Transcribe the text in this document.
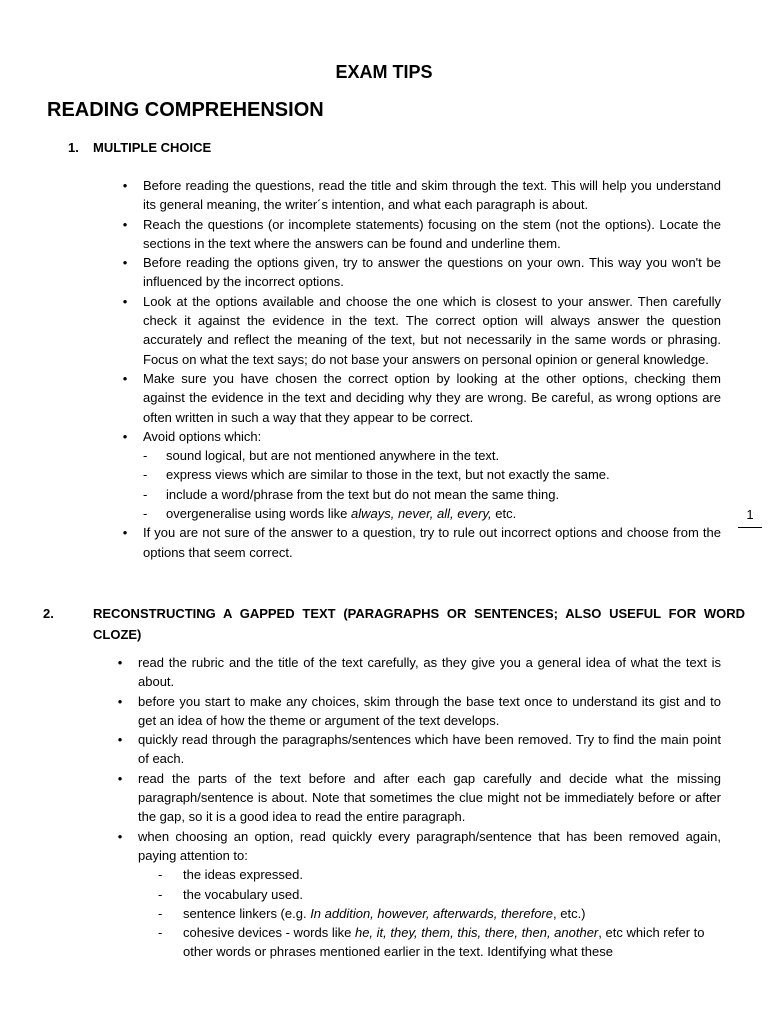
EXAM TIPS
READING COMPREHENSION
1. MULTIPLE CHOICE
• Before reading the questions, read the title and skim through the text. This will help you understand its general meaning, the writer´s intention, and what each paragraph is about.
• Reach the questions (or incomplete statements) focusing on the stem (not the options). Locate the sections in the text where the answers can be found and underline them.
• Before reading the options given, try to answer the questions on your own. This way you won't be influenced by the incorrect options.
• Look at the options available and choose the one which is closest to your answer. Then carefully check it against the evidence in the text. The correct option will always answer the question accurately and reflect the meaning of the text, but not necessarily in the same words or phrasing. Focus on what the text says; do not base your answers on personal opinion or general knowledge.
• Make sure you have chosen the correct option by looking at the other options, checking them against the evidence in the text and deciding why they are wrong. Be careful, as wrong options are often written in such a way that they appear to be correct.
• Avoid options which:
- sound logical, but are not mentioned anywhere in the text.
- express views which are similar to those in the text, but not exactly the same.
- include a word/phrase from the text but do not mean the same thing.
- overgeneralise using words like always, never, all, every, etc.
• If you are not sure of the answer to a question, try to rule out incorrect options and choose from the options that seem correct.
1
2.	RECONSTRUCTING A GAPPED TEXT (PARAGRAPHS OR SENTENCES; ALSO USEFUL FOR WORD CLOZE)
• read the rubric and the title of the text carefully, as they give you a general idea of what the text is about.
• before you start to make any choices, skim through the base text once to understand its gist and to get an idea of how the theme or argument of the text develops.
• quickly read through the paragraphs/sentences which have been removed. Try to find the main point of each.
• read the parts of the text before and after each gap carefully and decide what the missing paragraph/sentence is about. Note that sometimes the clue might not be immediately before or after the gap, so it is a good idea to read the entire paragraph.
• when choosing an option, read quickly every paragraph/sentence that has been removed again, paying attention to:
- the ideas expressed.
- the vocabulary used.
- sentence linkers (e.g. In addition, however, afterwards, therefore, etc.)
- cohesive devices - words like he, it, they, them, this, there, then, another, etc which refer to other words or phrases mentioned earlier in the text. Identifying what these
